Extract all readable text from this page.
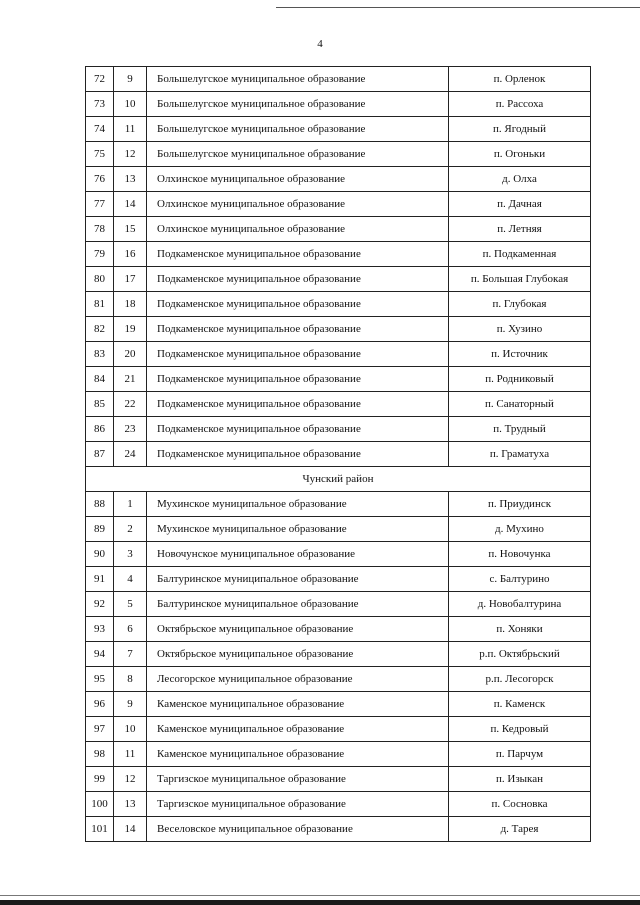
4
72	9	Большелугское муниципальное образование	п. Орленок
73	10	Большелугское муниципальное образование	п. Рассоха
74	11	Большелугское муниципальное образование	п. Ягодный
75	12	Большелугское муниципальное образование	п. Огоньки
76	13	Олхинское муниципальное образование	д. Олха
77	14	Олхинское муниципальное образование	п. Дачная
78	15	Олхинское муниципальное образование	п. Летняя
79	16	Подкаменское муниципальное образование	п. Подкаменная
80	17	Подкаменское муниципальное образование	п. Большая Глубокая
81	18	Подкаменское муниципальное образование	п. Глубокая
82	19	Подкаменское муниципальное образование	п. Хузино
83	20	Подкаменское муниципальное образование	п. Источник
84	21	Подкаменское муниципальное образование	п. Родниковый
85	22	Подкаменское муниципальное образование	п. Санаторный
86	23	Подкаменское муниципальное образование	п. Трудный
87	24	Подкаменское муниципальное образование	п. Граматуха
Чунский район			
88	1	Мухинское муниципальное образование	п. Приудинск
89	2	Мухинское муниципальное образование	д. Мухино
90	3	Новочунское муниципальное образование	п. Новочунка
91	4	Балтуринское муниципальное образование	с. Балтурино
92	5	Балтуринское муниципальное образование	д. Новобалтурина
93	6	Октябрьское муниципальное образование	п. Хоняки
94	7	Октябрьское муниципальное образование	р.п. Октябрьский
95	8	Лесогорское муниципальное образование	р.п. Лесогорск
96	9	Каменское муниципальное образование	п. Каменск
97	10	Каменское муниципальное образование	п. Кедровый
98	11	Каменское муниципальное образование	п. Парчум
99	12	Таргизское муниципальное образование	п. Изыкан
100	13	Таргизское муниципальное образование	п. Сосновка
101	14	Веселовское муниципальное образование	д. Тарея
